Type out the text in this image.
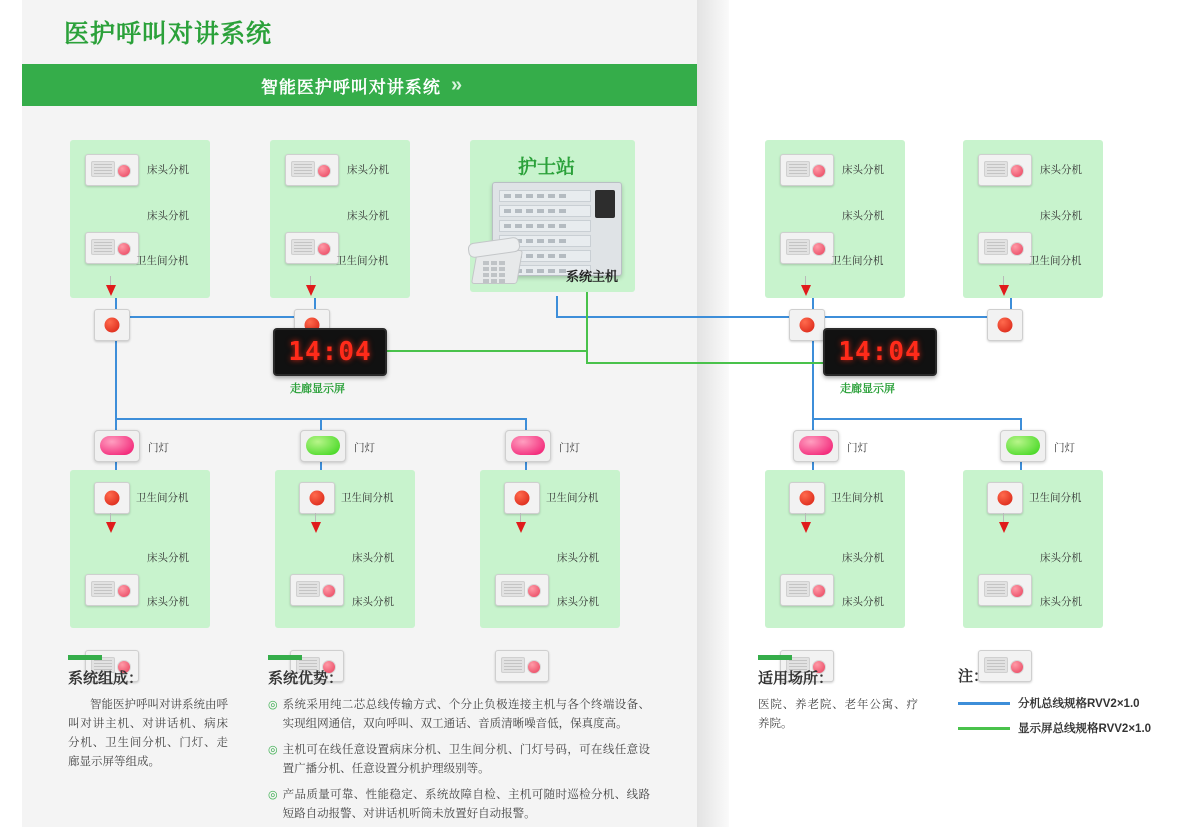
医护呼叫对讲系统
智能医护呼叫对讲系统 »
床头分机
床头分机
卫生间分机
床头分机
床头分机
卫生间分机
床头分机
床头分机
卫生间分机
床头分机
床头分机
卫生间分机
护士站
系统主机
14:04
走廊显示屏
14:04
走廊显示屏
门灯	门灯	门灯	门灯	门灯
卫生间分机
床头分机
床头分机
卫生间分机
床头分机
床头分机
卫生间分机
床头分机
床头分机
卫生间分机
床头分机
床头分机
卫生间分机
床头分机
床头分机
系统组成：

智能医护呼叫对讲系统由呼叫对讲主机、对讲话机、病床分机、卫生间分机、门灯、走廊显示屏等组成。

系统优势：
◎ 系统采用纯二芯总线传输方式、个分止负极连接主机与各个终端设备、实现组网通信，双向呼叫、双工通话、音质清晰噪音低，保真度高。

◎ 主机可在线任意设置病床分机、卫生间分机、门灯号码，可在线任意设置广播分机、任意设置分机护理级别等。

◎ 产品质量可靠、性能稳定、系统故障自检、主机可随时巡检分机、线路短路自动报警、对讲话机听筒未放置好自动报警。

适用场所：

医院、养老院、老年公寓、疗养院。

注：
分机总线规格RVV2×1.0
显示屏总线规格RVV2×1.0
